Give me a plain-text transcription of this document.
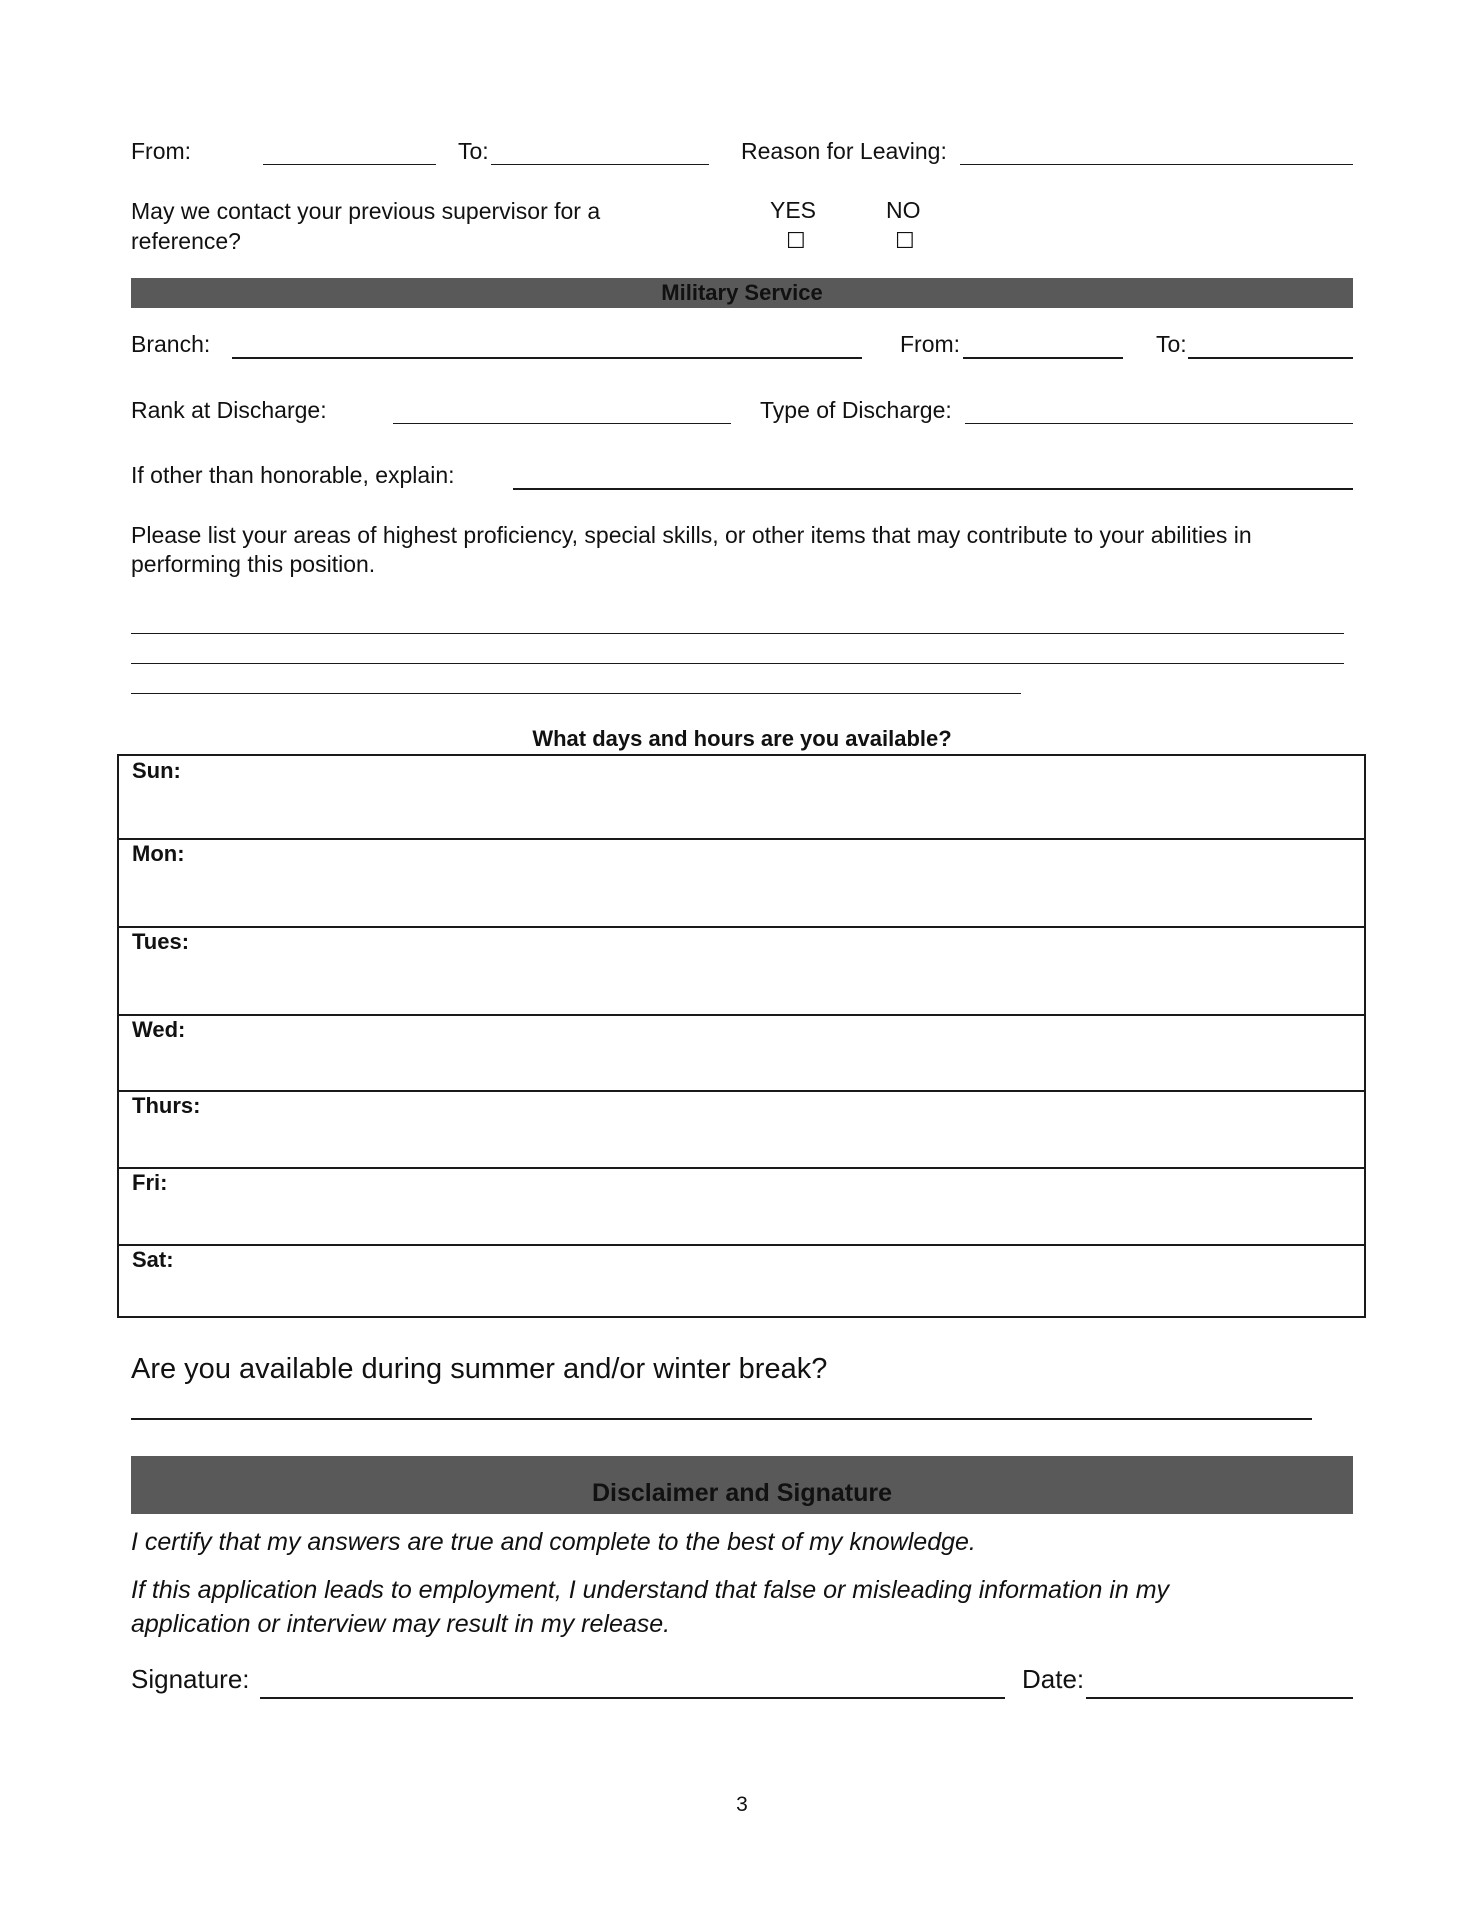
From:	To:	Reason for Leaving:
May we contact your previous supervisor for a
reference?
YES
☐
NO
☐
Military Service
Branch:	From:	To:
Rank at Discharge:	Type of Discharge:
If other than honorable, explain:
Please list your areas of highest proficiency, special skills, or other items that may contribute to your abilities in
performing this position.
What days and hours are you available?
Sun:
Mon:
Tues:
Wed:
Thurs:
Fri:
Sat:
Are you available during summer and/or winter break?
Disclaimer and Signature
I certify that my answers are true and complete to the best of my knowledge.
If this application leads to employment, I understand that false or misleading information in my
application or interview may result in my release.
Signature:	Date:
3
